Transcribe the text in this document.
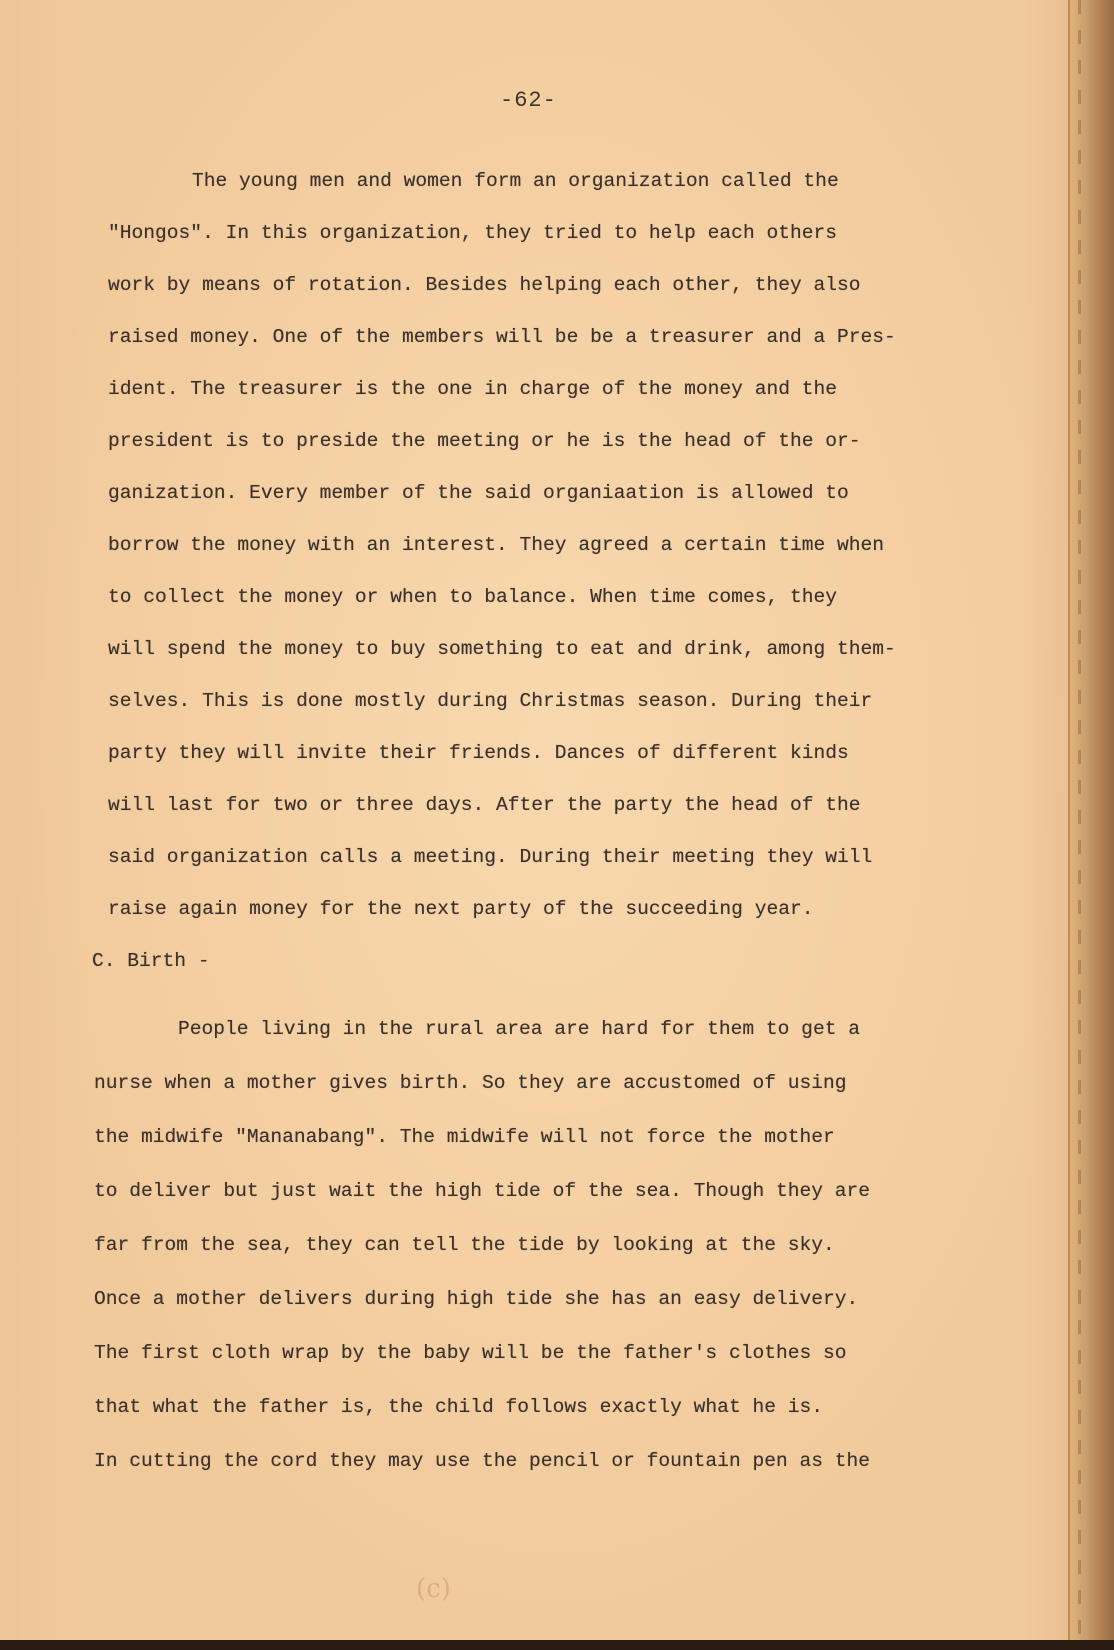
-62-
The young men and women form an organization called the
"Hongos". In this organization, they tried to help each others
work by means of rotation. Besides helping each other, they also
raised money. One of the members will be be a treasurer and a Pres-
ident. The treasurer is the one in charge of the money and the
president is to preside the meeting or he is the head of the or-
ganization. Every member of the said organiaation is allowed to
borrow the money with an interest. They agreed a certain time when
to collect the money or when to balance. When time comes, they
will spend the money to buy something to eat and drink, among them-
selves. This is done mostly during Christmas season. During their
party they will invite their friends. Dances of different kinds
will last for two or three days. After the party the head of the
said organization calls a meeting. During their meeting they will
raise again money for the next party of the succeeding year.
C. Birth -
People living in the rural area are hard for them to get a
nurse when a mother gives birth. So they are accustomed of using
the midwife "Mananabang". The midwife will not force the mother
to deliver but just wait the high tide of the sea. Though they are
far from the sea, they can tell the tide by looking at the sky.
Once a mother delivers during high tide she has an easy delivery.
The first cloth wrap by the baby will be the father's clothes so
that what the father is, the child follows exactly what he is.
In cutting the cord they may use the pencil or fountain pen as the
(c)
